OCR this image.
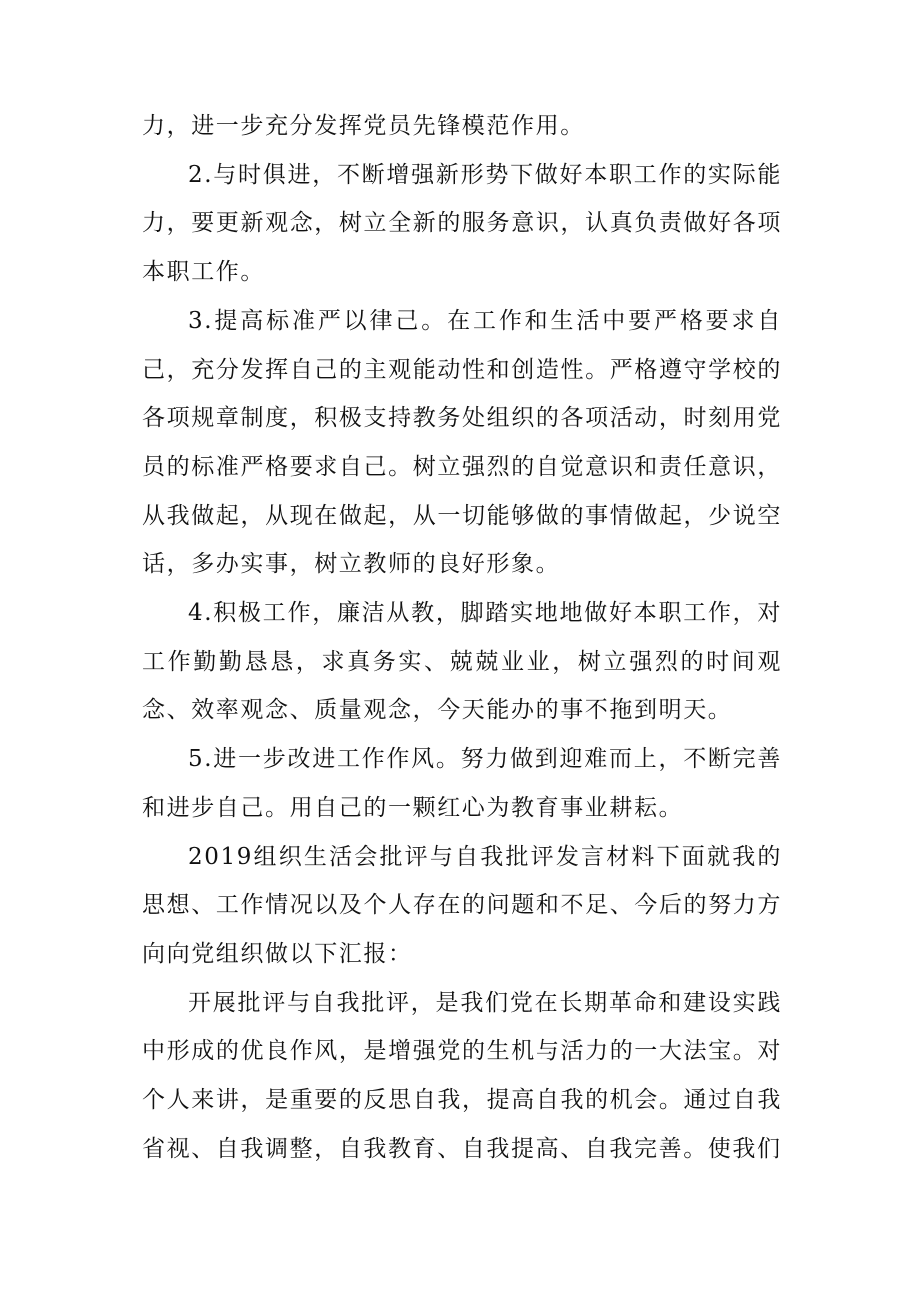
力，进一步充分发挥党员先锋模范作用。

2.与时俱进，不断增强新形势下做好本职工作的实际能力，要更新观念，树立全新的服务意识，认真负责做好各项本职工作。

3.提高标准严以律己。在工作和生活中要严格要求自己，充分发挥自己的主观能动性和创造性。严格遵守学校的各项规章制度，积极支持教务处组织的各项活动，时刻用党员的标准严格要求自己。树立强烈的自觉意识和责任意识，从我做起，从现在做起，从一切能够做的事情做起，少说空话，多办实事，树立教师的良好形象。

4.积极工作，廉洁从教，脚踏实地地做好本职工作，对工作勤勤恳恳，求真务实、兢兢业业，树立强烈的时间观念、效率观念、质量观念，今天能办的事不拖到明天。

5.进一步改进工作作风。努力做到迎难而上，不断完善和进步自己。用自己的一颗红心为教育事业耕耘。

2019组织生活会批评与自我批评发言材料下面就我的思想、工作情况以及个人存在的问题和不足、今后的努力方向向党组织做以下汇报：

开展批评与自我批评，是我们党在长期革命和建设实践中形成的优良作风，是增强党的生机与活力的一大法宝。对个人来讲，是重要的反思自我，提高自我的机会。通过自我省视、自我调整，自我教育、自我提高、自我完善。使我们
